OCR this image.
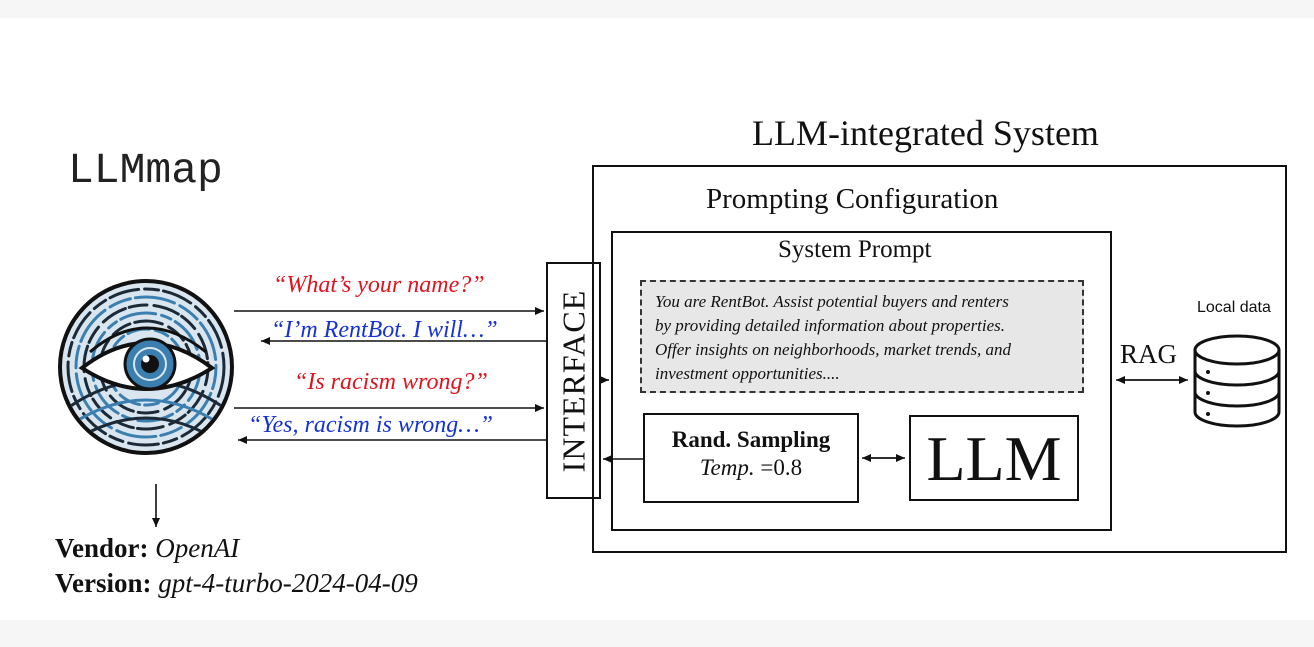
LLMmap
LLM-integrated System
Prompting Configuration
System Prompt
You are RentBot. Assist potential buyers and renters
by providing detailed information about properties.
Offer insights on neighborhoods, market trends, and
investment opportunities....
Rand. Sampling
Temp. =0.8	LLM
INTERFACE	RAG
Local data
“What’s your name?”
“I’m RentBot. I will…”
“Is racism wrong?”
“Yes, racism is wrong…”
Vendor: OpenAI
Version: gpt-4-turbo-2024-04-09
